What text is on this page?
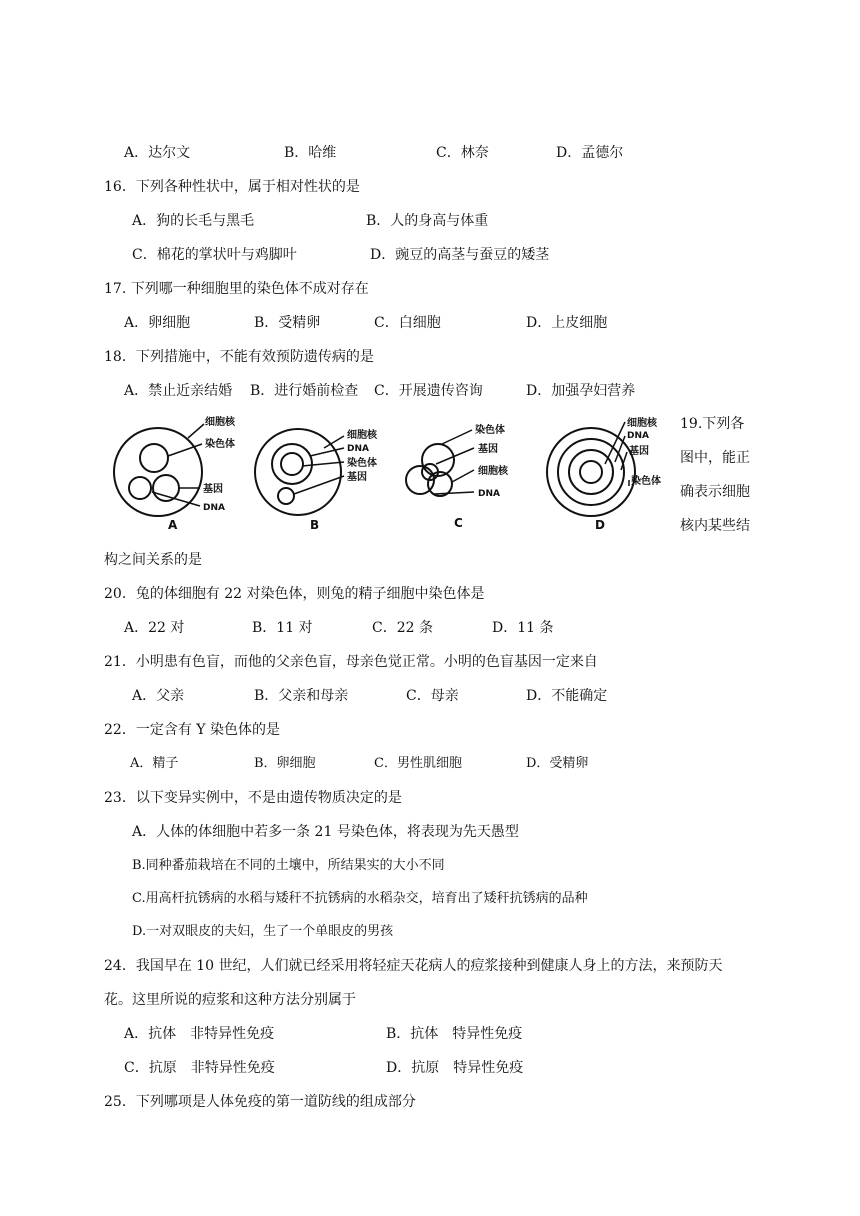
A．达尔文	B．哈维	C．林奈	D．孟德尔
16．下列各种性状中，属于相对性状的是
A．狗的长毛与黑毛	B．人的身高与体重
C．棉花的掌状叶与鸡脚叶	D．豌豆的高茎与蚕豆的矮茎
17. 下列哪一种细胞里的染色体不成对存在
A．卵细胞	B．受精卵	C．白细胞	D．上皮细胞
18．下列措施中，不能有效预防遗传病的是
A．禁止近亲结婚 B．进行婚前检查 C．开展遗传咨询	D．加强孕妇营养
19.下列各
图中，能正
确表示细胞
核内某些结
细胞核
染色体
基因
DNA
A
细胞核
DNA
染色体
基因
B
染色体
基因
细胞核
DNA
C
细胞核
DNA
基因
染色体
D
构之间关系的是
20．兔的体细胞有 22 对染色体，则兔的精子细胞中染色体是
A．22 对	B．11 对	C．22 条	D．11 条
21．小明患有色盲，而他的父亲色盲，母亲色觉正常。小明的色盲基因一定来自
A．父亲	B．父亲和母亲	C．母亲	D．不能确定
22．一定含有 Y 染色体的是
A．精子	B．卵细胞	C．男性肌细胞	D．受精卵
23．以下变异实例中，不是由遗传物质决定的是
A．人体的体细胞中若多一条 21 号染色体，将表现为先天愚型
B.同种番茄栽培在不同的土壤中，所结果实的大小不同
C.用高杆抗锈病的水稻与矮秆不抗锈病的水稻杂交，培育出了矮秆抗锈病的品种
D.一对双眼皮的夫妇，生了一个单眼皮的男孩
24．我国早在 10 世纪，人们就已经采用将轻症天花病人的痘浆接种到健康人身上的方法，来预防天
花。这里所说的痘浆和这种方法分别属于
A．抗体　非特异性免疫	B．抗体　特异性免疫
C．抗原　非特异性免疫	D．抗原　特异性免疫
25．下列哪项是人体免疫的第一道防线的组成部分
